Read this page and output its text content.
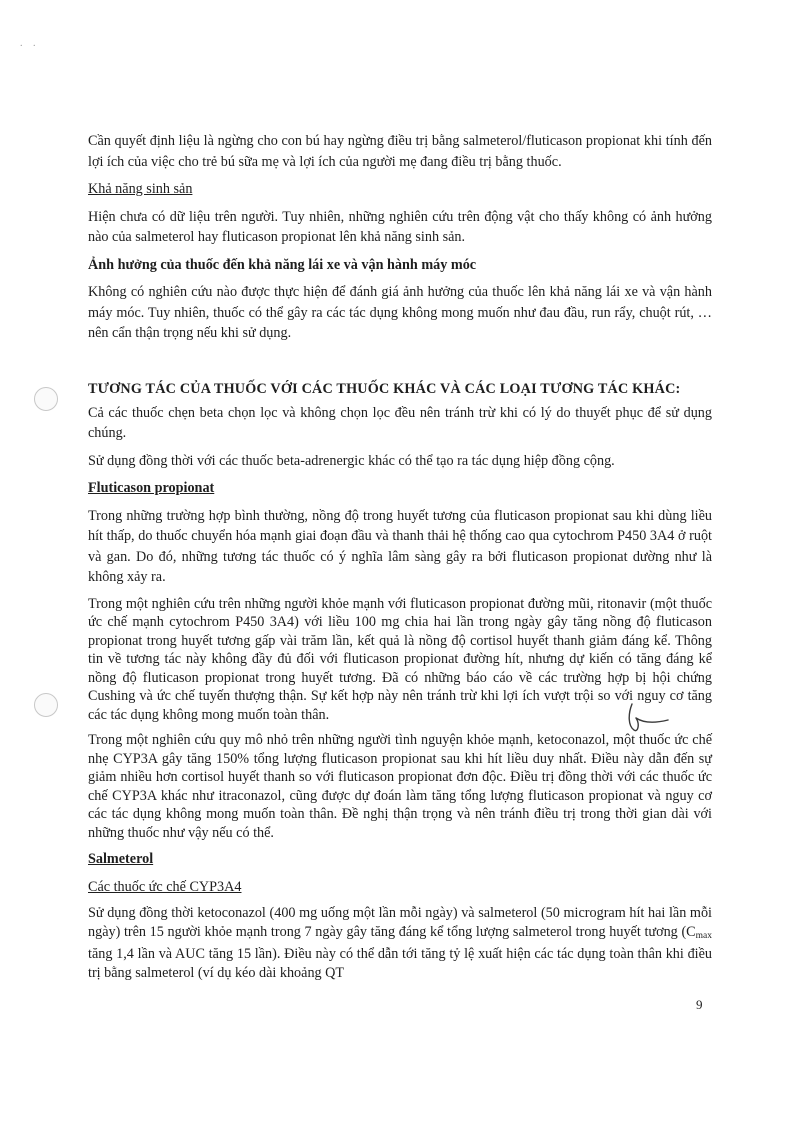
. .

Cần quyết định liệu là ngừng cho con bú hay ngừng điều trị bằng salmeterol/fluticason propionat khi tính đến lợi ích của việc cho trẻ bú sữa mẹ và lợi ích của người mẹ đang điều trị bằng thuốc.

Khả năng sinh sản

Hiện chưa có dữ liệu trên người. Tuy nhiên, những nghiên cứu trên động vật cho thấy không có ảnh hưởng nào của salmeterol hay fluticason propionat lên khả năng sinh sản.

Ảnh hưởng của thuốc đến khả năng lái xe và vận hành máy móc

Không có nghiên cứu nào được thực hiện để đánh giá ảnh hưởng của thuốc lên khả năng lái xe và vận hành máy móc. Tuy nhiên, thuốc có thể gây ra các tác dụng không mong muốn như đau đầu, run rẩy, chuột rút, … nên cẩn thận trọng nếu khi sử dụng.

TƯƠNG TÁC CỦA THUỐC VỚI CÁC THUỐC KHÁC VÀ CÁC LOẠI TƯƠNG TÁC KHÁC:

Cả các thuốc chẹn beta chọn lọc và không chọn lọc đều nên tránh trừ khi có lý do thuyết phục để sử dụng chúng.

Sử dụng đồng thời với các thuốc beta-adrenergic khác có thể tạo ra tác dụng hiệp đồng cộng.

Fluticason propionat

Trong những trường hợp bình thường, nồng độ trong huyết tương của fluticason propionat sau khi dùng liều hít thấp, do thuốc chuyển hóa mạnh giai đoạn đầu và thanh thải hệ thống cao qua cytochrom P450 3A4 ở ruột và gan. Do đó, những tương tác thuốc có ý nghĩa lâm sàng gây ra bởi fluticason propionat dường như là không xảy ra.

Trong một nghiên cứu trên những người khỏe mạnh với fluticason propionat đường mũi, ritonavir (một thuốc ức chế mạnh cytochrom P450 3A4) với liều 100 mg chia hai lần trong ngày gây tăng nồng độ fluticason propionat trong huyết tương gấp vài trăm lần, kết quả là nồng độ cortisol huyết thanh giảm đáng kể. Thông tin về tương tác này không đầy đủ đối với fluticason propionat đường hít, nhưng dự kiến có tăng đáng kể nồng độ fluticason propionat trong huyết tương. Đã có những báo cáo về các trường hợp bị hội chứng Cushing và ức chế tuyến thượng thận. Sự kết hợp này nên tránh trừ khi lợi ích vượt trội so với nguy cơ tăng các tác dụng không mong muốn toàn thân.

Trong một nghiên cứu quy mô nhỏ trên những người tình nguyện khỏe mạnh, ketoconazol, một thuốc ức chế nhẹ CYP3A gây tăng 150% tổng lượng fluticason propionat sau khi hít liều duy nhất. Điều này dẫn đến sự giảm nhiều hơn cortisol huyết thanh so với fluticason propionat đơn độc. Điều trị đồng thời với các thuốc ức chế CYP3A khác như itraconazol, cũng được dự đoán làm tăng tổng lượng fluticason propionat và nguy cơ các tác dụng không mong muốn toàn thân. Đề nghị thận trọng và nên tránh điều trị trong thời gian dài với những thuốc như vậy nếu có thể.

Salmeterol

Các thuốc ức chế CYP3A4

Sử dụng đồng thời ketoconazol (400 mg uống một lần mỗi ngày) và salmeterol (50 microgram hít hai lần mỗi ngày) trên 15 người khỏe mạnh trong 7 ngày gây tăng đáng kể tổng lượng salmeterol trong huyết tương ($C_{max}$ tăng 1,4 lần và AUC tăng 15 lần). Điều này có thể dẫn tới tăng tỷ lệ xuất hiện các tác dụng toàn thân khi điều trị bằng salmeterol (ví dụ kéo dài khoảng QT

9
